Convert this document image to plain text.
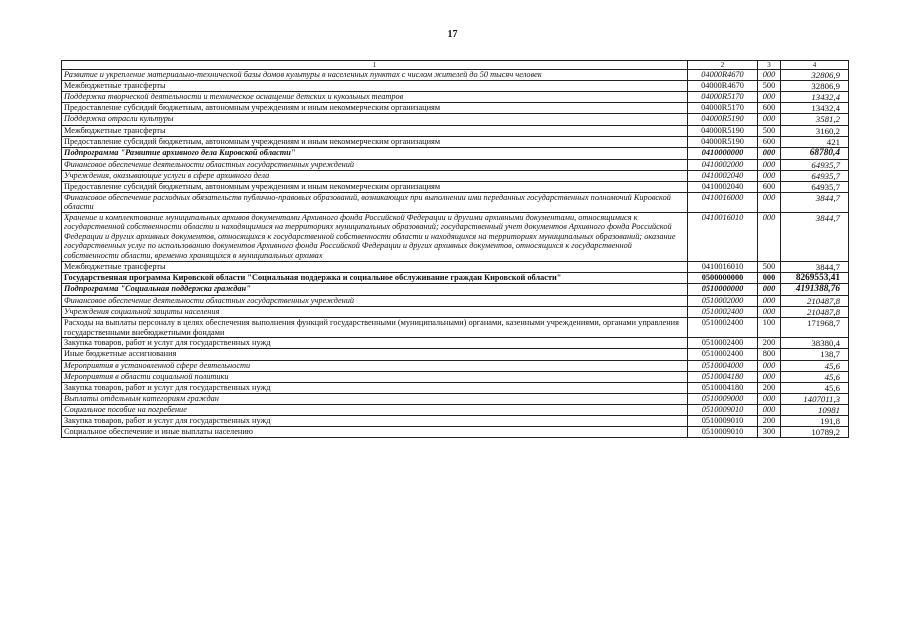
17
1	2	3	4
Развитие и укрепление материально-технической базы домов культуры в населенных пунктах с числом жителей до 50 тысяч человек	04000R4670	000	32806,9
Межбюджетные трансферты	04000R4670	500	32806,9
Поддержка творческой деятельности и техническое оснащение детских и кукольных театров	04000R5170	000	13432,4
Предоставление субсидий бюджетным, автономным учреждениям и иным некоммерческим организациям	04000R5170	600	13432,4
Поддержка отрасли культуры	04000R5190	000	3581,2
Межбюджетные трансферты	04000R5190	500	3160,2
Предоставление субсидий бюджетным, автономным учреждениям и иным некоммерческим организациям	04000R5190	600	421
Подпрограмма "Развитие архивного дела Кировской области"	0410000000	000	68780,4
Финансовое обеспечение деятельности областных государственных учреждений	0410002000	000	64935,7
Учреждения, оказывающие услуги в сфере архивного дела	0410002040	000	64935,7
Предоставление субсидий бюджетным, автономным учреждениям и иным некоммерческим организациям	0410002040	600	64935,7
Финансовое обеспечение расходных обязательств публично-правовых образований, возникающих при выполнении ими переданных государственных полномочий Кировской области	0410016000	000	3844,7
Хранение и комплектование муниципальных архивов документами Архивного фонда Российской Федерации и другими архивными документами, относящимися к государственной собственности области и находящимися на территориях муниципальных образований; государственный учет документов Архивного фонда Российской Федерации и других архивных документов, относящихся к государственной собственности области и находящихся на территориях муниципальных образований; оказание государственных услуг по использованию документов Архивного фонда Российской Федерации и других архивных документов, относящихся к государственной собственности области, временно хранящихся в муниципальных архивах	0410016010	000	3844,7
Межбюджетные трансферты	0410016010	500	3844,7
Государственная программа Кировской области "Социальная поддержка и социальное обслуживание граждан Кировской области"	0500000000	000	8269553,41
Подпрограмма "Социальная поддержка граждан"	0510000000	000	4191388,76
Финансовое обеспечение деятельности областных государственных учреждений	0510002000	000	210487,8
Учреждения социальной защиты населения	0510002400	000	210487,8
Расходы на выплаты персоналу в целях обеспечения выполнения функций государственными (муниципальными) органами, казенными учреждениями, органами управления государственными внебюджетными фондами	0510002400	100	171968,7
Закупка товаров, работ и услуг для государственных нужд	0510002400	200	38380,4
Иные бюджетные ассигнования	0510002400	800	138,7
Мероприятия в установленной сфере деятельности	0510004000	000	45,6
Мероприятия в области социальной политики	0510004180	000	45,6
Закупка товаров, работ и услуг для государственных нужд	0510004180	200	45,6
Выплаты отдельным категориям граждан	0510009000	000	1407011,3
Социальное пособие на погребение	0510009010	000	10981
Закупка товаров, работ и услуг для государственных нужд	0510009010	200	191,8
Социальное обеспечение и иные выплаты населению	0510009010	300	10789,2
